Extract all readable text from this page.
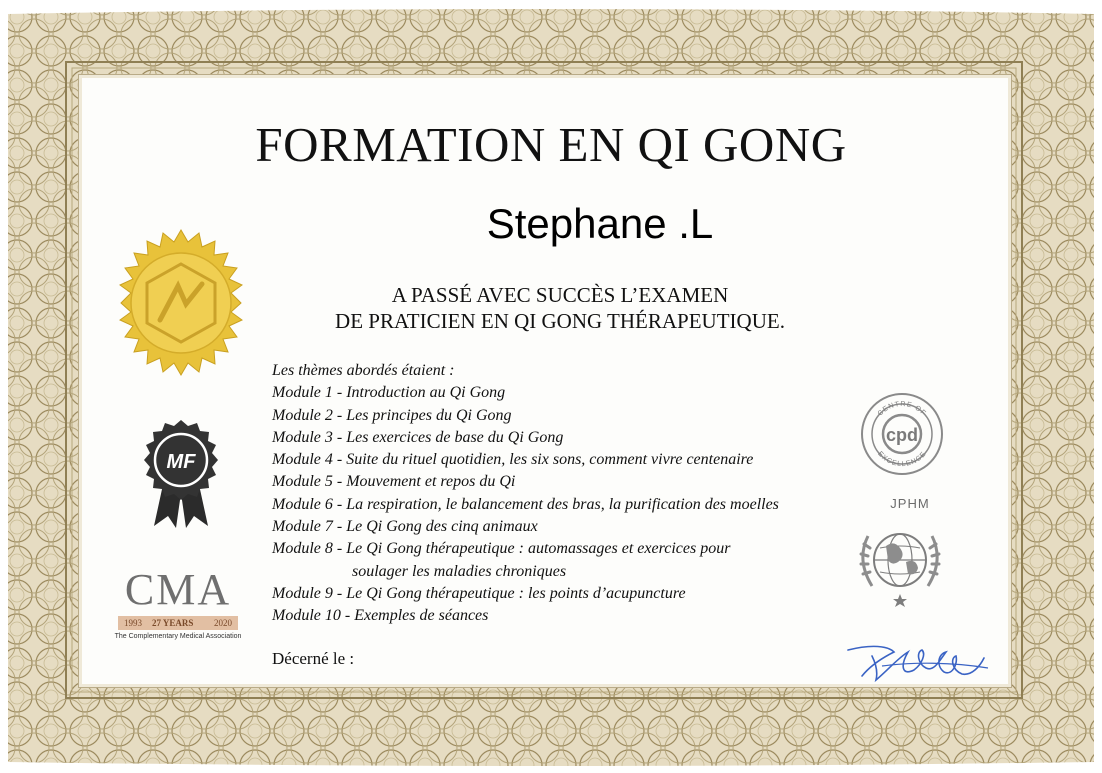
FORMATION EN QI GONG
Stephane .L
A PASSÉ AVEC SUCCÈS L’EXAMEN
DE PRATICIEN EN QI GONG THÉRAPEUTIQUE.
Les thèmes abordés étaient :
Module 1 - Introduction au Qi Gong
Module 2 - Les principes du Qi Gong
Module 3 - Les exercices de base du Qi Gong
Module 4 - Suite du rituel quotidien, les six sons, comment vivre centenaire
Module 5 - Mouvement et repos du Qi
Module 6 - La respiration, le balancement des bras, la purification des moelles
Module 7 - Le Qi Gong des cinq animaux
Module 8 - Le Qi Gong thérapeutique : automassages et exercices pour
soulager les maladies chroniques
Module 9 - Le Qi Gong thérapeutique : les points d’acupuncture
Module 10 - Exemples de séances
Décerné le :
MF
CMA
1993 27 YEARS 2020
The Complementary Medical Association
CENTRE OF
EXCELLENCE
cpd
JPHM
